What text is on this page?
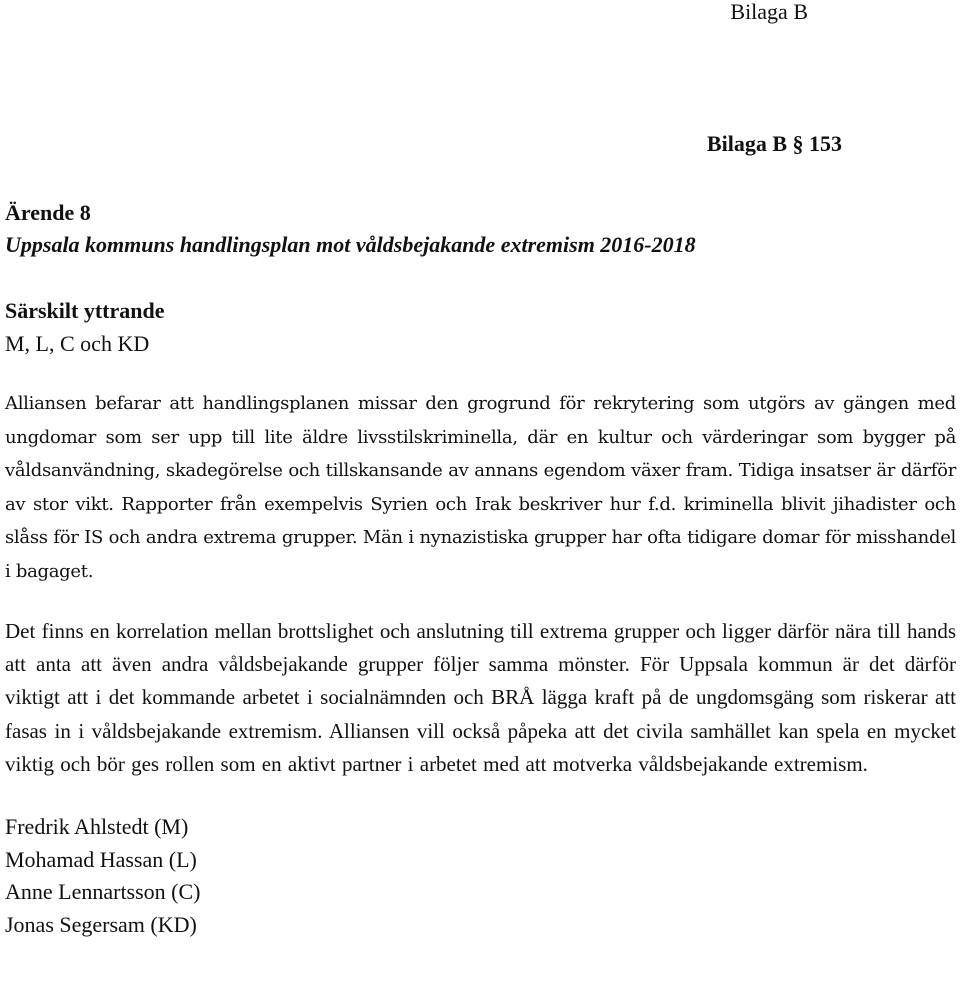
Bilaga B
Bilaga B § 153
Ärende 8
Uppsala kommuns handlingsplan mot våldsbejakande extremism 2016-2018
Särskilt yttrande
M, L, C och KD

Alliansen befarar att handlingsplanen missar den grogrund för rekrytering som utgörs av gängen med ungdomar som ser upp till lite äldre livsstilskriminella, där en kultur och värderingar som bygger på våldsanvändning, skadegörelse och tillskansande av annans egendom växer fram. Tidiga insatser är därför av stor vikt. Rapporter från exempelvis Syrien och Irak beskriver hur f.d. kriminella blivit jihadister och slåss för IS och andra extrema grupper. Män i nynazistiska grupper har ofta tidigare domar för misshandel i bagaget.

Det finns en korrelation mellan brottslighet och anslutning till extrema grupper och ligger därför nära till hands att anta att även andra våldsbejakande grupper följer samma mönster. För Uppsala kommun är det därför viktigt att i det kommande arbetet i socialnämnden och BRÅ lägga kraft på de ungdomsgäng som riskerar att fasas in i våldsbejakande extremism. Alliansen vill också påpeka att det civila samhället kan spela en mycket viktig och bör ges rollen som en aktivt partner i arbetet med att motverka våldsbejakande extremism.

Fredrik Ahlstedt (M)
Mohamad Hassan (L)
Anne Lennartsson (C)
Jonas Segersam (KD)
